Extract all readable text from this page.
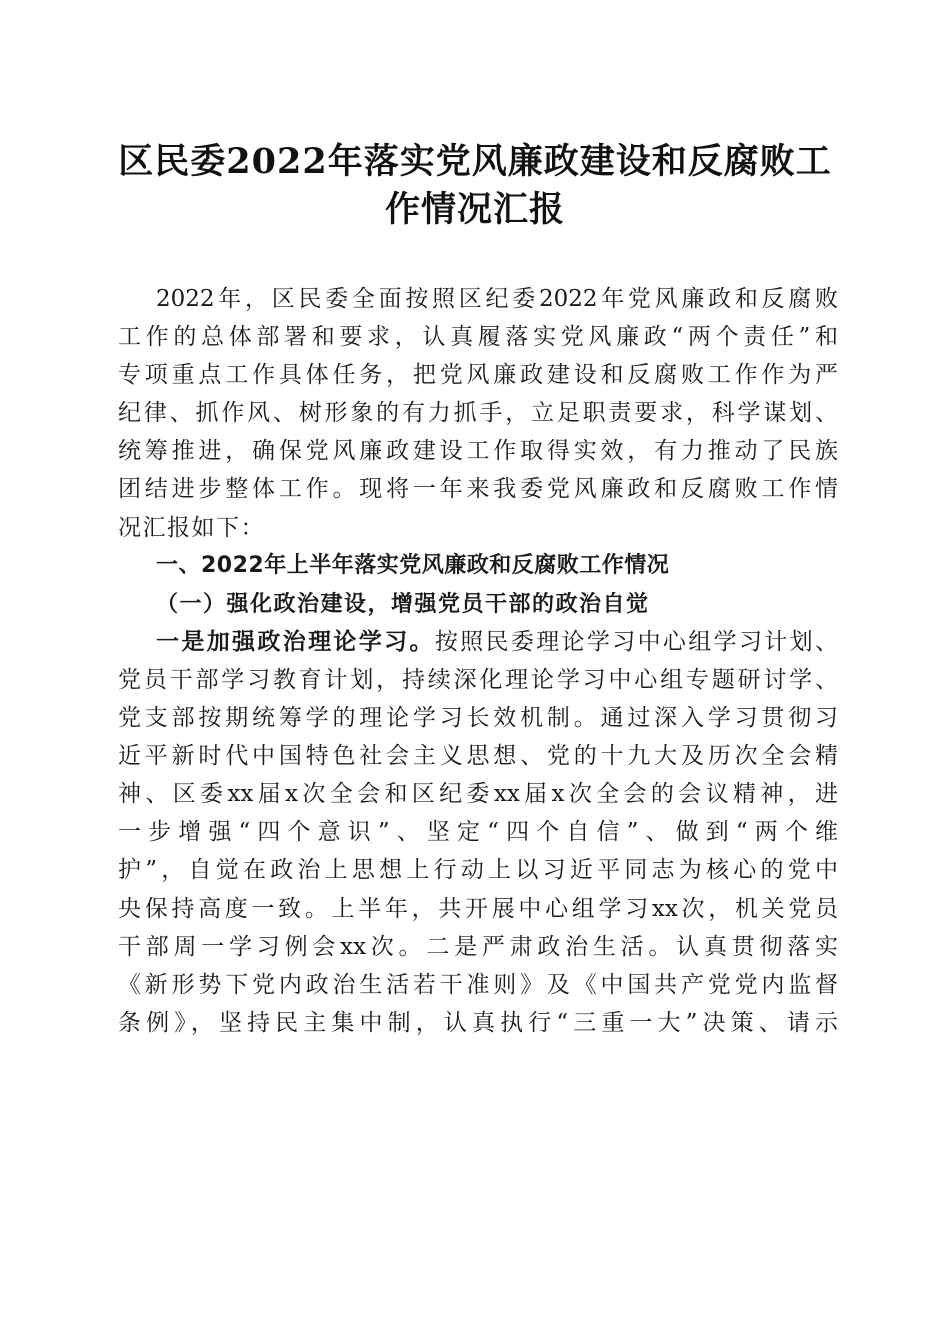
区民委2022年落实党风廉政建设和反腐败工
作情况汇报
2022年，区民委全面按照区纪委2022年党风廉政和反腐败
工作的总体部署和要求，认真履落实党风廉政“两个责任”和
专项重点工作具体任务，把党风廉政建设和反腐败工作作为严
纪律、抓作风、树形象的有力抓手，立足职责要求，科学谋划、
统筹推进，确保党风廉政建设工作取得实效，有力推动了民族
团结进步整体工作。现将一年来我委党风廉政和反腐败工作情
况汇报如下：
一、2022年上半年落实党风廉政和反腐败工作情况
（一）强化政治建设，增强党员干部的政治自觉
一是加强政治理论学习。按照民委理论学习中心组学习计划、
党员干部学习教育计划，持续深化理论学习中心组专题研讨学、
党支部按期统筹学的理论学习长效机制。通过深入学习贯彻习
近平新时代中国特色社会主义思想、党的十九大及历次全会精
神、区委xx届x次全会和区纪委xx届x次全会的会议精神，进
一步增强“四个意识”、坚定“四个自信”、做到“两个维
护”，自觉在政治上思想上行动上以习近平同志为核心的党中
央保持高度一致。上半年，共开展中心组学习xx次，机关党员
干部周一学习例会xx次。二是严肃政治生活。认真贯彻落实
《新形势下党内政治生活若干准则》及《中国共产党党内监督
条例》，坚持民主集中制，认真执行“三重一大”决策、请示
